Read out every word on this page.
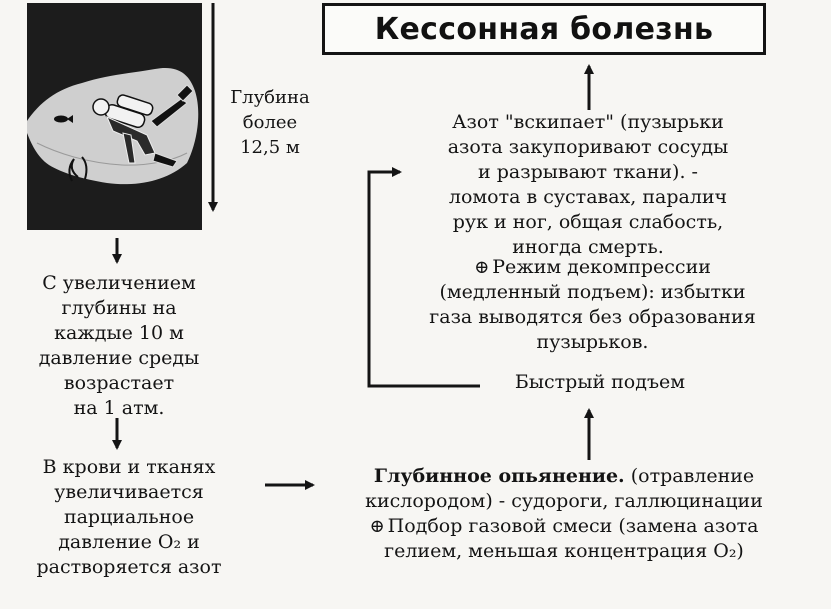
Кессонная болезнь
Глубина
более
12,5 м
С увеличением
глубины на
каждые 10 м
давление среды
возрастает
на 1 атм.
В крови и тканях
увеличивается
парциальное
давление О₂ и
растворяется азот
Глубинное опьянение. (отравление
кислородом) - судороги, галлюцинации
⊕ Подбор газовой смеси (замена азота
гелием, меньшая концентрация О₂)
Быстрый подъем
Азот "вскипает" (пузырьки
азота закупоривают сосуды
и разрывают ткани). -
ломота в суставах, паралич
рук и ног, общая слабость,
иногда смерть.
⊕ Режим декомпрессии
(медленный подъем): избытки
газа выводятся без образования
пузырьков.
